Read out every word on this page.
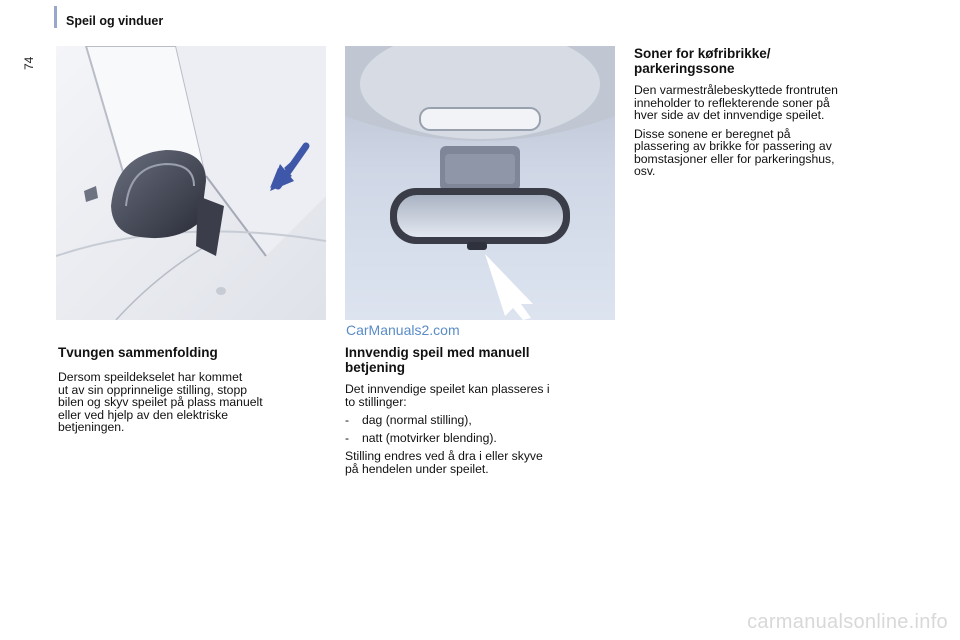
Speil og vinduer
74
CarManuals2.com
Tvungen sammenfolding
Dersom speildekselet har kommet
ut av sin opprinnelige stilling, stopp
bilen og skyv speilet på plass manuelt
eller ved hjelp av den elektriske
betjeningen.
Innvendig speil med manuell
betjening
Det innvendige speilet kan plasseres i
to stillinger:
-	dag (normal stilling),
-	natt (motvirker blending).
Stilling endres ved å dra i eller skyve
på hendelen under speilet.
Soner for køfribrikke/
parkeringssone
Den varmestrålebeskyttede frontruten
inneholder to reflekterende soner på
hver side av det innvendige speilet.
Disse sonene er beregnet på
plassering av brikke for passering av
bomstasjoner eller for parkeringshus,
osv.
carmanualsonline.info
